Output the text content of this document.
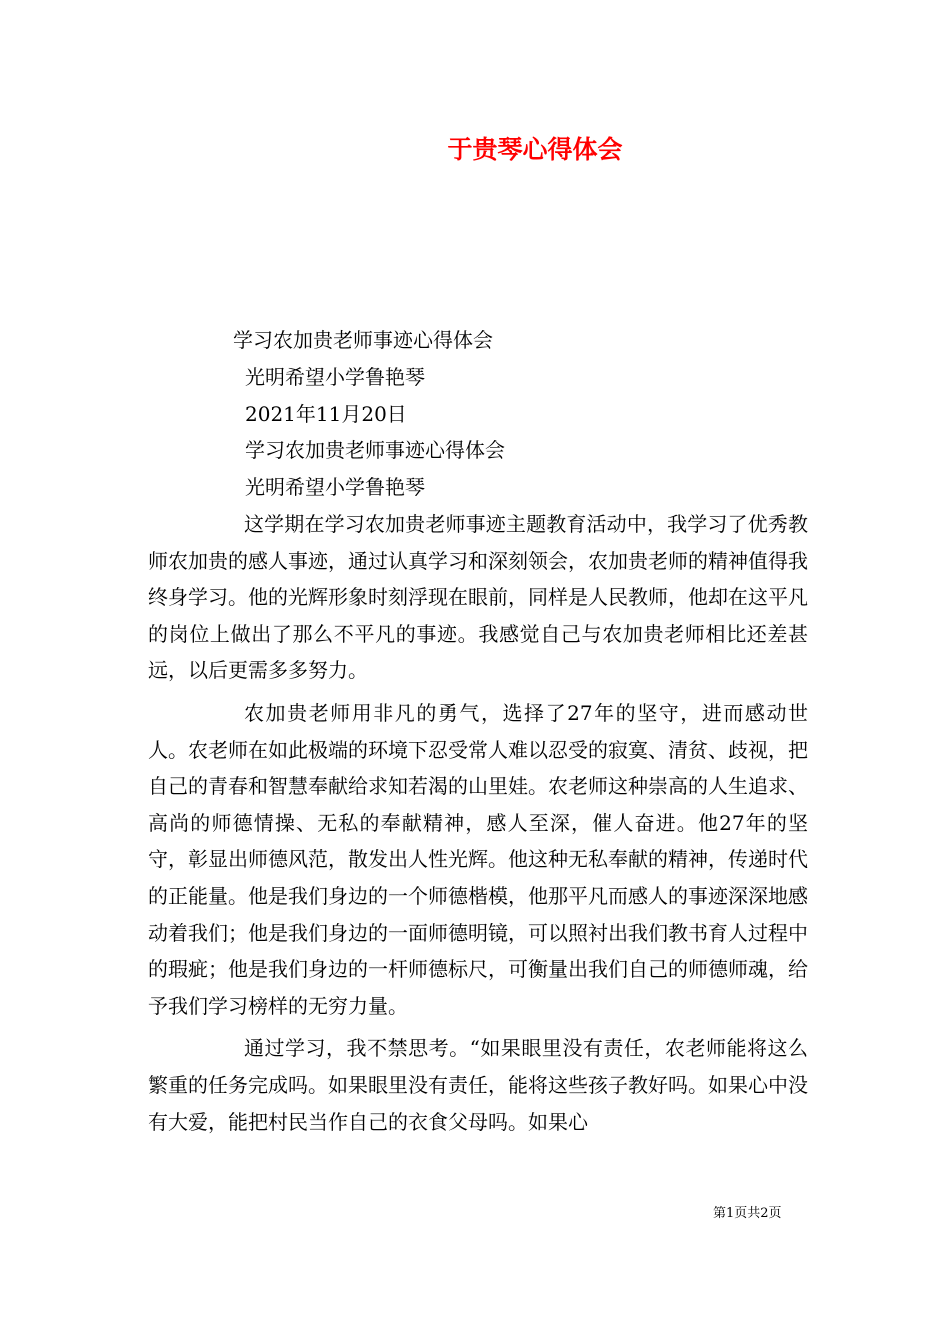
于贵琴心得体会
学习农加贵老师事迹心得体会
光明希望小学鲁艳琴
2021年11月20日
学习农加贵老师事迹心得体会
光明希望小学鲁艳琴

这学期在学习农加贵老师事迹主题教育活动中，我学习了优秀教师农加贵的感人事迹，通过认真学习和深刻领会，农加贵老师的精神值得我终身学习。他的光辉形象时刻浮现在眼前，同样是人民教师，他却在这平凡的岗位上做出了那么不平凡的事迹。我感觉自己与农加贵老师相比还差甚远，以后更需多多努力。

农加贵老师用非凡的勇气，选择了27年的坚守，进而感动世人。农老师在如此极端的环境下忍受常人难以忍受的寂寞、清贫、歧视，把自己的青春和智慧奉献给求知若渴的山里娃。农老师这种崇高的人生追求、高尚的师德情操、无私的奉献精神，感人至深，催人奋进。他27年的坚守，彰显出师德风范，散发出人性光辉。他这种无私奉献的精神，传递时代的正能量。他是我们身边的一个师德楷模，他那平凡而感人的事迹深深地感动着我们；他是我们身边的一面师德明镜，可以照衬出我们教书育人过程中的瑕疵；他是我们身边的一杆师德标尺，可衡量出我们自己的师德师魂，给予我们学习榜样的无穷力量。

通过学习，我不禁思考。“如果眼里没有责任，农老师能将这么繁重的任务完成吗。如果眼里没有责任，能将这些孩子教好吗。如果心中没有大爱，能把村民当作自己的衣食父母吗。如果心

第1页共2页
